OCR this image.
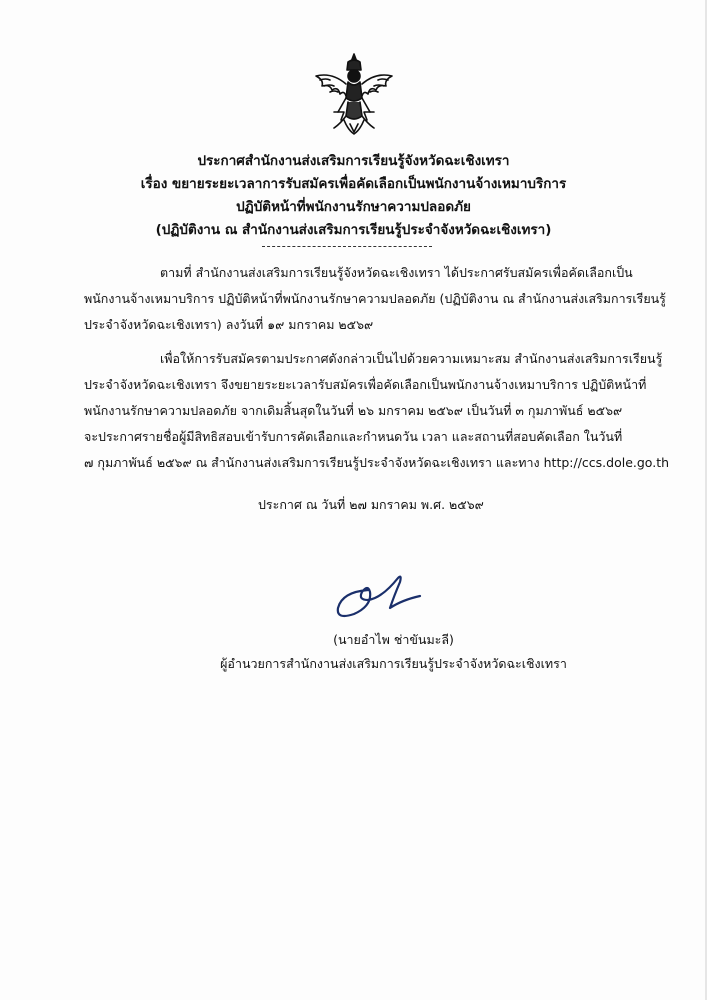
ประกาศสำนักงานส่งเสริมการเรียนรู้จังหวัดฉะเชิงเทรา
เรื่อง ขยายระยะเวลาการรับสมัครเพื่อคัดเลือกเป็นพนักงานจ้างเหมาบริการ
ปฏิบัติหน้าที่พนักงานรักษาความปลอดภัย
(ปฏิบัติงาน ณ สำนักงานส่งเสริมการเรียนรู้ประจำจังหวัดฉะเชิงเทรา)
ตามที่ สำนักงานส่งเสริมการเรียนรู้จังหวัดฉะเชิงเทรา ได้ประกาศรับสมัครเพื่อคัดเลือกเป็น
พนักงานจ้างเหมาบริการ ปฏิบัติหน้าที่พนักงานรักษาความปลอดภัย (ปฏิบัติงาน ณ สำนักงานส่งเสริมการเรียนรู้
ประจำจังหวัดฉะเชิงเทรา) ลงวันที่ ๑๙ มกราคม ๒๕๖๙
เพื่อให้การรับสมัครตามประกาศดังกล่าวเป็นไปด้วยความเหมาะสม สำนักงานส่งเสริมการเรียนรู้
ประจำจังหวัดฉะเชิงเทรา จึงขยายระยะเวลารับสมัครเพื่อคัดเลือกเป็นพนักงานจ้างเหมาบริการ ปฏิบัติหน้าที่
พนักงานรักษาความปลอดภัย จากเดิมสิ้นสุดในวันที่ ๒๖ มกราคม ๒๕๖๙ เป็นวันที่ ๓ กุมภาพันธ์ ๒๕๖๙
จะประกาศรายชื่อผู้มีสิทธิสอบเข้ารับการคัดเลือกและกำหนดวัน เวลา และสถานที่สอบคัดเลือก ในวันที่
๗ กุมภาพันธ์ ๒๕๖๙ ณ สำนักงานส่งเสริมการเรียนรู้ประจำจังหวัดฉะเชิงเทรา และทาง http://ccs.dole.go.th
ประกาศ ณ วันที่ ๒๗ มกราคม พ.ศ. ๒๕๖๙
(นายอำไพ ช่าขันมะลี)
ผู้อำนวยการสำนักงานส่งเสริมการเรียนรู้ประจำจังหวัดฉะเชิงเทรา
